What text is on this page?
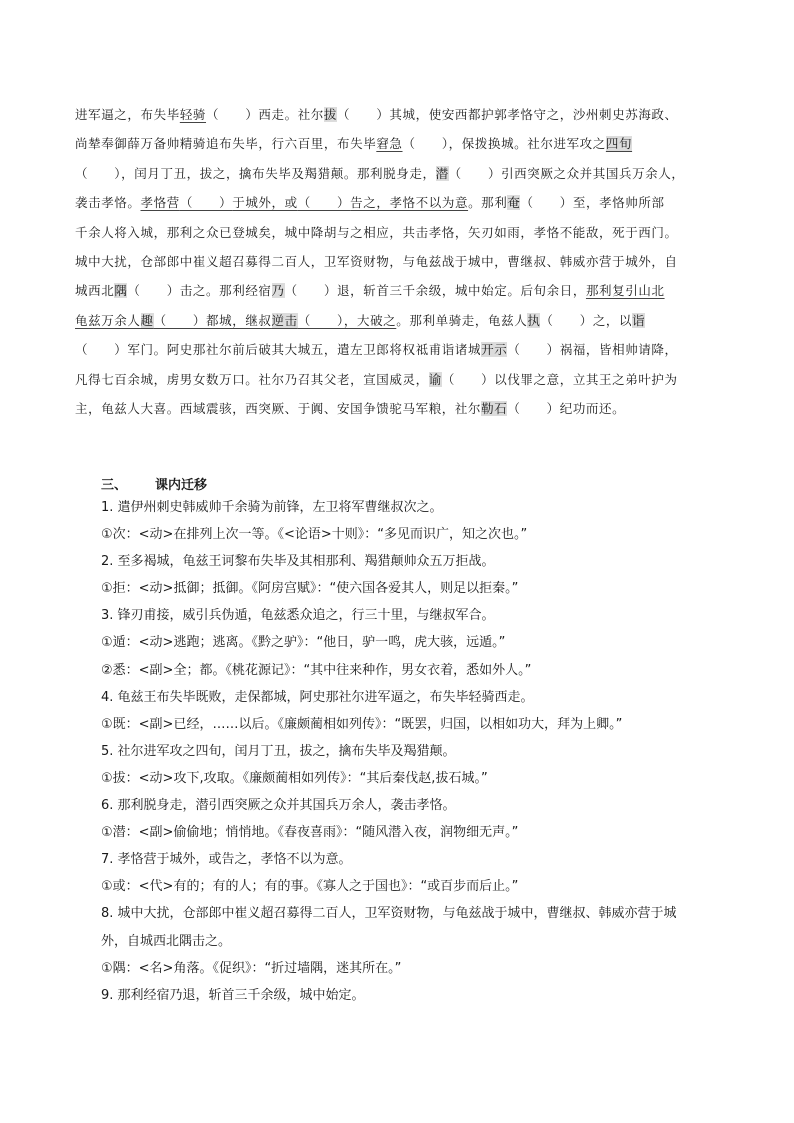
进军逼之，布失毕轻骑（　　）西走。社尔拔（　　）其城，使安西都护郭孝恪守之，沙州刺史苏海政、

尚辇奉御薛万备帅精骑追布失毕，行六百里，布失毕窘急（　　），保拨换城。社尔进军攻之四旬

（　　），闰月丁丑，拔之，擒布失毕及羯猎颠。那利脱身走，潜（　　）引西突厥之众并其国兵万余人，

袭击孝恪。孝恪营（　　）于城外，或（　　）告之，孝恪不以为意。那利奄（　　）至，孝恪帅所部

千余人将入城，那利之众已登城矣，城中降胡与之相应，共击孝恪，矢刃如雨，孝恪不能敌，死于西门。

城中大扰，仓部郎中崔义超召募得二百人，卫军资财物，与龟兹战于城中，曹继叔、韩威亦营于城外，自

城西北隅（　　）击之。那利经宿乃（　　）退，斩首三千余级，城中始定。后旬余日，那利复引山北

龟兹万余人趣（　　）都城，继叔逆击（　　），大破之。那利单骑走，龟兹人执（　　）之，以诣

（　　）军门。阿史那社尔前后破其大城五，遣左卫郎将权祗甫诣诸城开示（　　）祸福，皆相帅请降，

凡得七百余城，虏男女数万口。社尔乃召其父老，宣国威灵，谕（　　）以伐罪之意，立其王之弟叶护为

主，龟兹人大喜。西域震骇，西突厥、于阗、安国争馈驼马军粮，社尔勒石（　　）纪功而还。

三、 课内迁移

1. 遣伊州刺史韩威帅千余骑为前锋，左卫将军曹继叔次之。

①次：<动>在排列上次一等。《<论语>十则》：“多见而识广，知之次也。”

2. 至多褐城，龟兹王诃黎布失毕及其相那利、羯猎颠帅众五万拒战。

①拒：<动>抵御；抵御。《阿房宫赋》：“使六国各爱其人，则足以拒秦。”

3. 锋刃甫接，威引兵伪遁，龟兹悉众追之，行三十里，与继叔军合。

①遁：<动>逃跑；逃离。《黔之驴》：“他日，驴一鸣，虎大骇，远遁。”

②悉：<副>全；都。《桃花源记》：“其中往来种作，男女衣着，悉如外人。”

4. 龟兹王布失毕既败，走保都城，阿史那社尔进军逼之，布失毕轻骑西走。

①既：<副>已经，……以后。《廉颇蔺相如列传》：“既罢，归国，以相如功大，拜为上卿。”

5. 社尔进军攻之四旬，闰月丁丑，拔之，擒布失毕及羯猎颠。

①拔：<动>攻下,攻取。《廉颇蔺相如列传》：“其后秦伐赵,拔石城。”

6. 那利脱身走，潜引西突厥之众并其国兵万余人，袭击孝恪。

①潜：<副>偷偷地；悄悄地。《春夜喜雨》：“随风潜入夜，润物细无声。”

7. 孝恪营于城外，或告之，孝恪不以为意。

①或：<代>有的；有的人；有的事。《寡人之于国也》：“或百步而后止。”

8. 城中大扰，仓部郎中崔义超召募得二百人，卫军资财物，与龟兹战于城中，曹继叔、韩威亦营于城

外，自城西北隅击之。

①隅：<名>角落。《促织》：“折过墙隅，迷其所在。”

9. 那利经宿乃退，斩首三千余级，城中始定。
